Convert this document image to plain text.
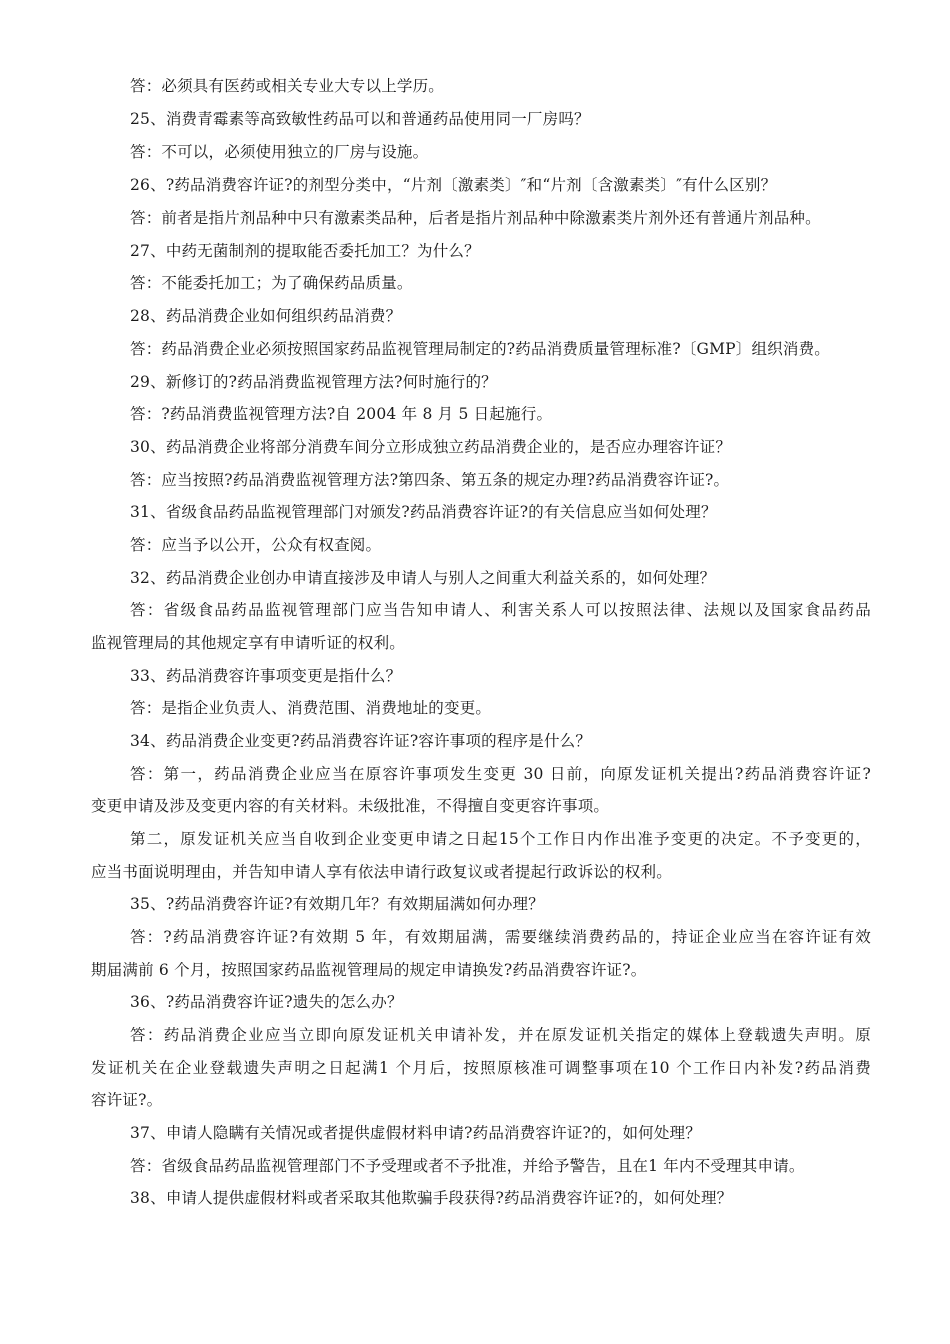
答：必须具有医药或相关专业大专以上学历。
25、消费青霉素等高致敏性药品可以和普通药品使用同一厂房吗？
答：不可以，必须使用独立的厂房与设施。
26、?药品消费容许证?的剂型分类中，“片剂〔激素类〕″和“片剂〔含激素类〕″有什么区别？
答：前者是指片剂品种中只有激素类品种，后者是指片剂品种中除激素类片剂外还有普通片剂品种。
27、中药无菌制剂的提取能否委托加工？为什么？
答：不能委托加工；为了确保药品质量。
28、药品消费企业如何组织药品消费？
答：药品消费企业必须按照国家药品监视管理局制定的?药品消费质量管理标准?〔GMP〕组织消费。
29、新修订的?药品消费监视管理方法?何时施行的？
答：?药品消费监视管理方法?自 2004 年 8 月 5 日起施行。
30、药品消费企业将部分消费车间分立形成独立药品消费企业的，是否应办理容许证？
答：应当按照?药品消费监视管理方法?第四条、第五条的规定办理?药品消费容许证?。
31、省级食品药品监视管理部门对颁发?药品消费容许证?的有关信息应当如何处理？
答：应当予以公开，公众有权查阅。
32、药品消费企业创办申请直接涉及申请人与别人之间重大利益关系的，如何处理？
答：省级食品药品监视管理部门应当告知申请人、利害关系人可以按照法律、法规以及国家食品药品
监视管理局的其他规定享有申请听证的权利。
33、药品消费容许事项变更是指什么？
答：是指企业负责人、消费范围、消费地址的变更。
34、药品消费企业变更?药品消费容许证?容许事项的程序是什么？
答：第一，药品消费企业应当在原容许事项发生变更 30 日前，向原发证机关提出?药品消费容许证?
变更申请及涉及变更内容的有关材料。未级批准，不得擅自变更容许事项。
第二，原发证机关应当自收到企业变更申请之日起15个工作日内作出准予变更的决定。不予变更的，
应当书面说明理由，并告知申请人享有依法申请行政复议或者提起行政诉讼的权利。
35、?药品消费容许证?有效期几年？有效期届满如何办理？
答：?药品消费容许证?有效期 5 年，有效期届满，需要继续消费药品的，持证企业应当在容许证有效
期届满前 6 个月，按照国家药品监视管理局的规定申请换发?药品消费容许证?。
36、?药品消费容许证?遗失的怎么办？
答：药品消费企业应当立即向原发证机关申请补发，并在原发证机关指定的媒体上登载遗失声明。原
发证机关在企业登载遗失声明之日起满1 个月后，按照原核准可调整事项在10 个工作日内补发?药品消费
容许证?。
37、申请人隐瞒有关情况或者提供虚假材料申请?药品消费容许证?的，如何处理？
答：省级食品药品监视管理部门不予受理或者不予批准，并给予警告，且在1 年内不受理其申请。
38、申请人提供虚假材料或者采取其他欺骗手段获得?药品消费容许证?的，如何处理？
